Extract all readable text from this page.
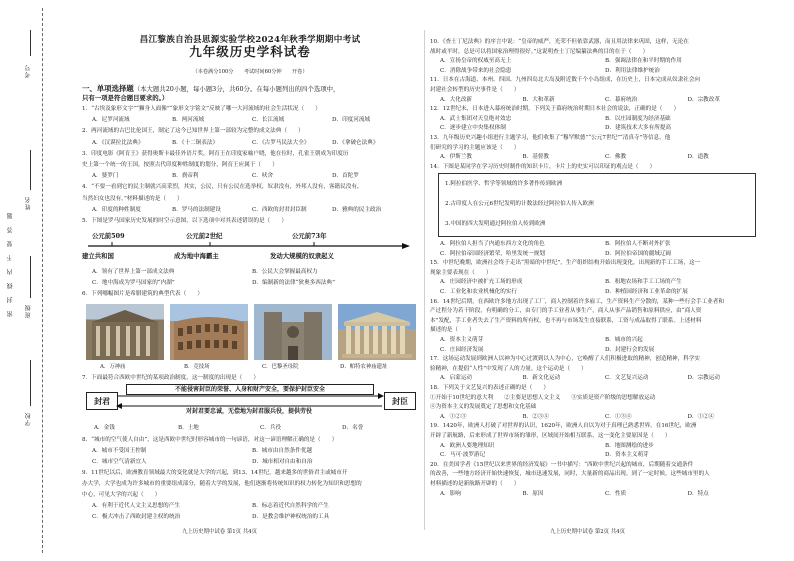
密　封　线　内　不　要　答　题
考号
姓名
班级
学校
昌江黎族自治县思源实验学校2024年秋季学期期中考试
九年级历史学科试卷
（本卷满分100分　　考试时间60分钟　　开卷）
一、单项选择题（本大题共20小题，每小题3分，共60分。在每小题列出的四个选项中，
只有一项是符合题目要求的。）
1．“古埃及象形文字”“狮身人面像”“象形文字铭文”反映了哪一大河流域的社会生活状况（　　）
A．尼罗河流域	B．两河流域	C．长江流域	D．印度河流域
2．两河流域的古巴比伦国王，制定了这今已知世界上第一部较为完整的成文法典（　　）
A．《汉谟拉比法典》	B．《十二铜表法》	C．《古罗马民法大全》	D．《拿破仑法典》
3．印度电影《阿育王》获得奥斯卡最佳外语片奖。阿育王在印度家喻户晓，他在位时，孔雀王朝成为印度历
史上第一个统一的王国，按照古代印度种姓制度的划分，阿育王应属于（　　）
A．婆罗门	B．刹帝利	C．吠舍	D．首陀罗
4．“不要一看到它的民主制就兴高采烈，其实，公民，只有公民在选举权，奴隶没有，外邦人没有，客籍民没有，
当然妇女也没有。”材料描述的是（　　）
A．印度的种姓制度	B．罗马的法制建设	C．西欧的封君封臣制	D．雅典的民主政治
5．下图是罗马国家历史发展的时空示意图，以下选项中对其表述错误的是（　　）
公元前509	公元前2世纪	公元前73年
建立共和国	成为地中海霸主	发动大规模的奴隶起义
A．领有了世界上第一部成文法典	B．公民大会掌握最高权力
C．地中海成为罗马国家的“内湖”	D．编制新的法律“狄奥多西法典”
6．下列哪幅图片是希腊建筑的典型代表（　　）
A．万神庙	B．竞技场	C．巴黎圣母院	D．帕特农神庙遗址
7．下面最符合西欧中世纪的某项政治制度，这一制度的出现是（　　）
封君	封臣
不能侵害封臣的荣誉、人身和财产安全，要保护封臣安全
对封君要忠诚，无偿地为封君服兵役，提供劳役
A．金钱	B．土地	C．兵役	D．名誉
8．“城市的空气使人自由”，这是西欧中世纪时形容城市的一句谚语，对这一谚语理解正确的是（　　）
A．城市不受国王控制	B．城市由自然条件优越
C．城市空气清新宜人	D．城市相对自由和自治
9．11世纪以后，欧洲教育领域最大的变化就是大学的兴起，到13、14世纪，越来越多的世俗君主或城市开
办大学，大学也成为许多城市的重要组成部分，随着大学的发展，他们逐渐将传统知识的权力转化为知识和思想的
中心，可见大学的兴起（　　）
A．有利于近代人文主义思想的产生	B．标志着近代自然科学的产生
C．极大冲击了西欧封建主权的统治	D．是教会维护神权统治的工具
九上历史期中试卷 第1页 共4页
10．《查士丁尼法典》的序言中说：“皇帝的威严，光荣不但依靠武器，而且用法律来巩固，这样，无论在
战时或平时，总是可以将国家治理得很好。”这说明查士丁尼编纂法典的目的在于（　　）
A．宣扬皇帝的权威至高无上	B．强调法律在和平时期的作用
C．消除战争带来的社会隐患	D．利用法律维护统治
11．日本在古海道、本州、四国、九州四岛北大岛及附近数千个小岛组成，在历史上，日本完成从奴隶社会向
封建社会转型的历史事件是（　　）
A．大化改新	B．大和革新	C．幕府统治	D．宗教改革
12．12世纪末，日本进入幕府统治时期，下列关于幕府统治时期日本社会的说法，正确的是（　　）
A．武士集团对天皇绝对效忠	B．以庄园制度为经济基础
C．逐步建立中央集权体制	D．建筑技术大多有所提高
13．九年级历史兴趣小组进行主题学习，他们收集了“穆罕默德”“公元7世纪”“清真寺”等信息。他
们研究的学习的主题应该是（　　）
A．伊斯兰教	B．基督教	C．佛教	D．道教
14．下图是某同学在学习历史时制作的知识卡片，卡片上的史实可以印证的观点是（　　）
1.阿拉伯医学、哲学等领域的许多著作传到欧洲
2.古印度人在公元6世纪发明的计数法经过阿拉伯人传入欧洲
3.中国的四大发明通过阿拉伯人传到欧洲
A．阿拉伯人担当了内通东西方文化的角色	B．阿拉伯人不断对外扩张
C．阿拉伯帝国经济繁荣，哈里发统一规划	D．阿拉伯帝国的疆域辽阔
15．中世纪晚期，欧洲社会终于走出“黑暗的中世纪”，生产组织结构开始出现变化，出现新的手工工场，这一
现象主要表现在（　　）
A．庄园经济中被扩充工场的形成	B．租地农场和手工工场的产生
C．工业化和农业机械化的实行	D．种植园经济和工业革命的扩展
16．14世纪后期，在西欧许多地方出现了工厂，商人控制着许多雇工，生产资料生产分散的，某种一些行会手工业者和
产过程分为若干阶段，有明确的分工，由专门的手工业者从事生产，商人从事产品销售和原料供应，由“商人资
本”发配，手工业者失去了生产资料的所有权，也不再与市场发生直接联系，工资与成品取得了联系。上述材料
描述的是（　　）
A．资本主义萌芽	B．城市的兴起
C．庄园经济发展	D．封建行会的发展
17．这场运动发展到欧洲人以神为中心过渡到以人为中心，它唤醒了人们积极进取的精神，创造精神，科学实
验精神，在提倡“人性”中发现了人的力量。这个运动是（　　）
A．启蒙运动	B．新文化运动	C．文艺复兴运动	D．宗教运动
18．下列关于文艺复兴的表述正确的是（　　）
①开始于10世纪的意大利　　②主要是思想人文主义　　③实质是资产阶级的思想解放运动
④为资本主义的发展奠定了思想和文化基础
A．①②③	B．②③④	C．①③④	D．①②④
19．1420年，欧洲人打破了对世界的认识，1620年，欧洲人自以为对于真理已熟悉世界。在16世纪，欧洲
开辟了新航路，后来形成了世界市场的雏形，区域间开始相互联系，这一变化主要原因是（　　）
A．欧洲人要地理知识	B．地图测绘的进步
C．马可·波罗游记	D．资本主义萌芽
20．在美国学者《15世纪以来世界的经济发展》一书中描写：“西欧中世纪兴起的城市，后期随着交通条件
的改善，一些地方经济开始快速恢复，城市迅速发展，同时，大量新的商品出现。到了一定时候，这些城市里的人
材料描述的是新航路开辟的（　　）
A．影响	B．原因	C．性质	D．特点
九上历史期中试卷 第2页 共4页
